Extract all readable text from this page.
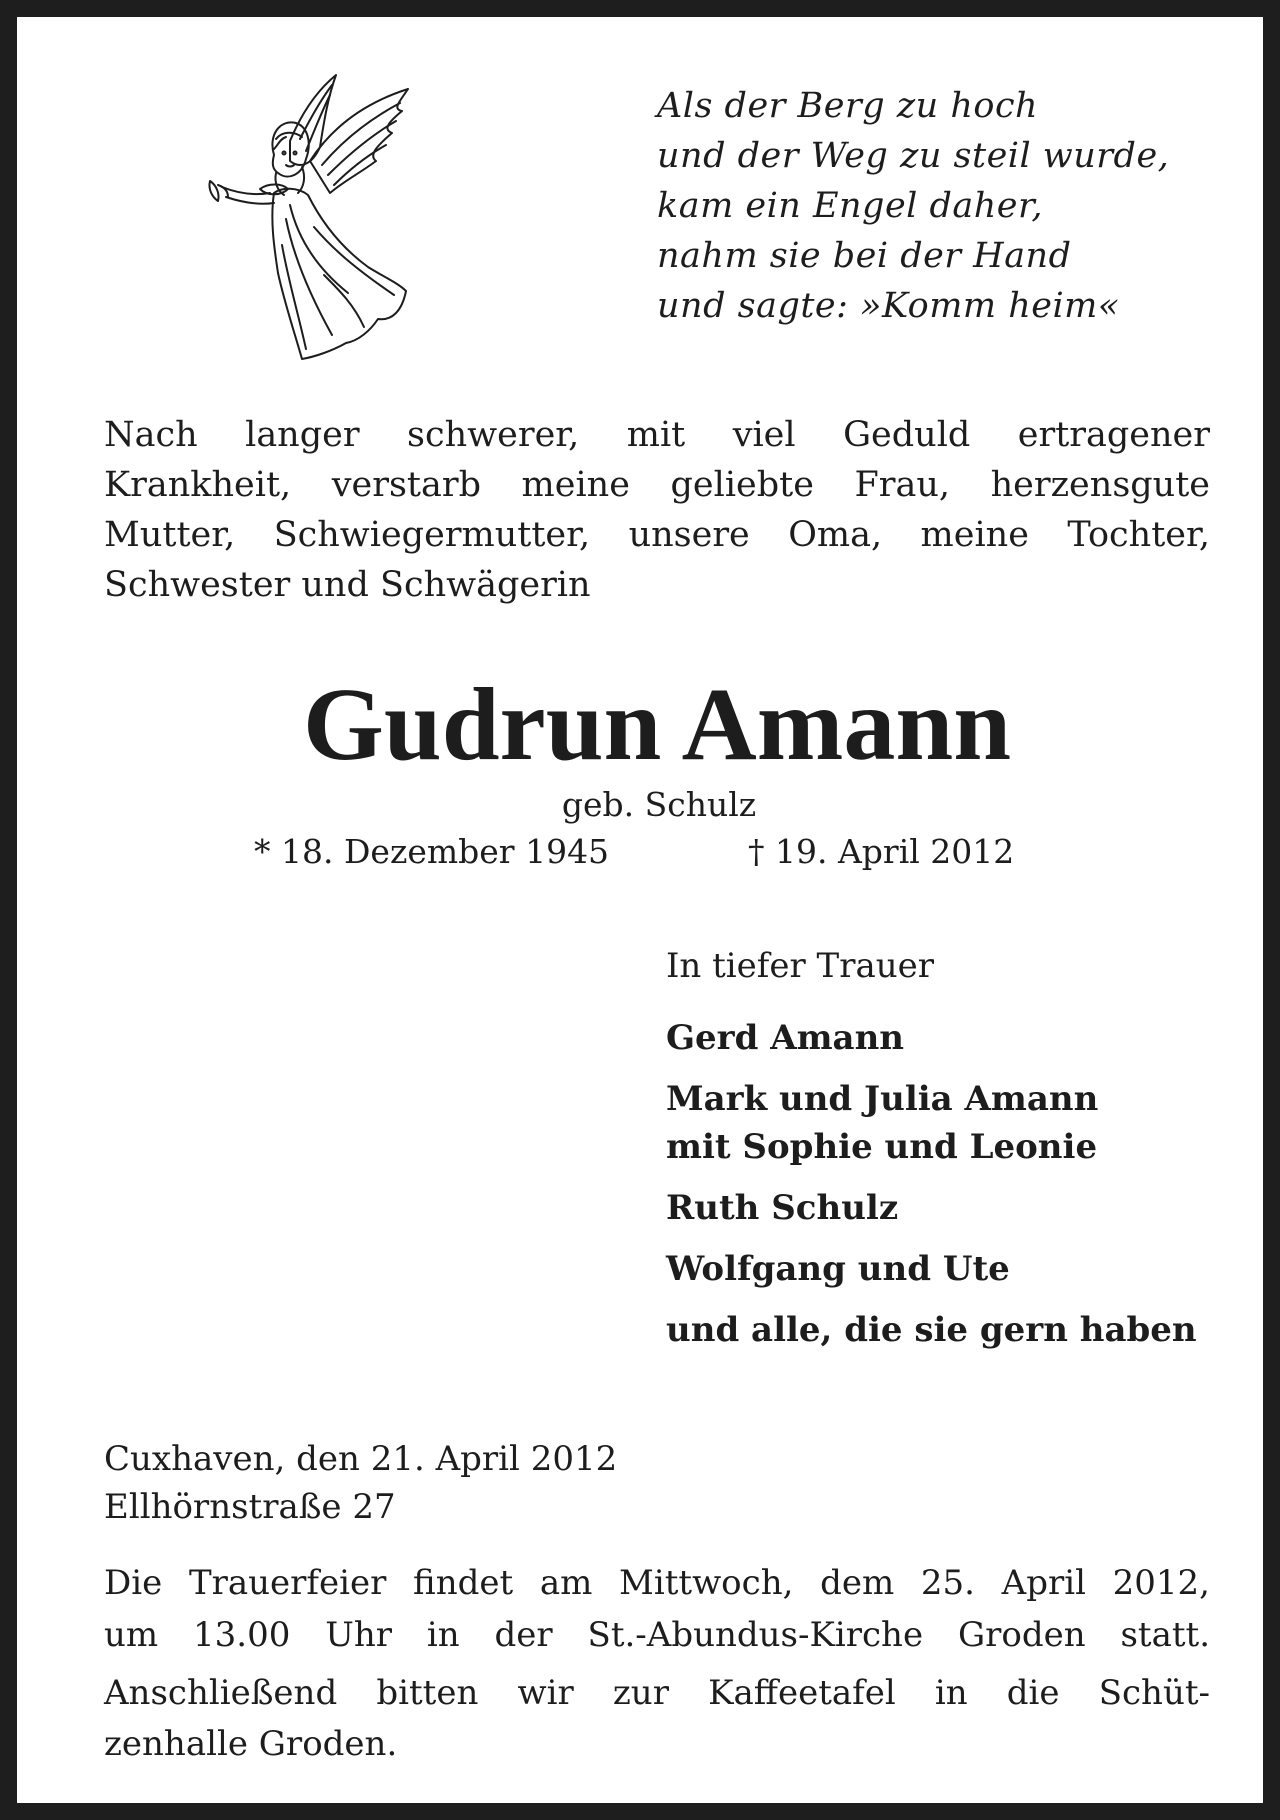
Als der Berg zu hoch
und der Weg zu steil wurde,
kam ein Engel daher,
nahm sie bei der Hand
und sagte: »Komm heim«
Nach langer schwerer, mit viel Geduld ertragener
Krankheit, verstarb meine geliebte Frau, herzensgute
Mutter, Schwiegermutter, unsere Oma, meine Tochter,
Schwester und Schwägerin
Gudrun Amann
geb. Schulz
* 18. Dezember 1945	† 19. April 2012
In tiefer Trauer
Gerd Amann
Mark und Julia Amann
mit Sophie und Leonie
Ruth Schulz
Wolfgang und Ute
und alle, die sie gern haben
Cuxhaven, den 21. April 2012
Ellhörnstraße 27
Die Trauerfeier findet am Mittwoch, dem 25. April 2012,
um 13.00 Uhr in der St.-Abundus-Kirche Groden statt.
Anschließend bitten wir zur Kaffeetafel in die Schüt-
zenhalle Groden.
